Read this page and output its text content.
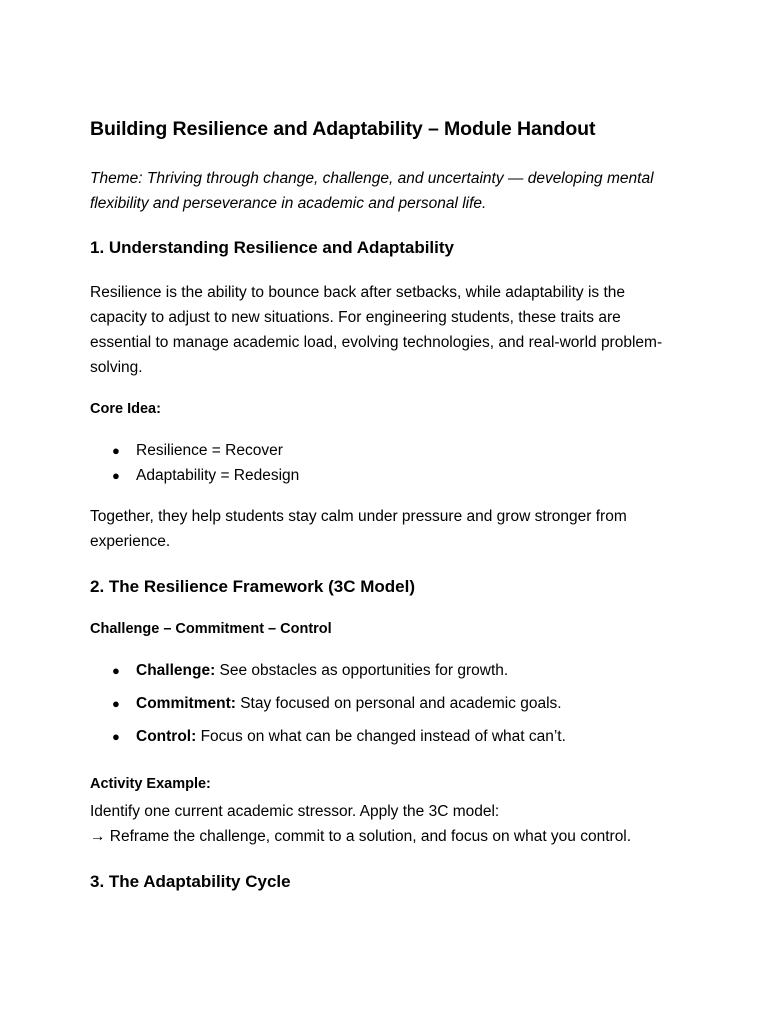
Building Resilience and Adaptability – Module Handout
Theme: Thriving through change, challenge, and uncertainty — developing mental flexibility and perseverance in academic and personal life.
1. Understanding Resilience and Adaptability
Resilience is the ability to bounce back after setbacks, while adaptability is the capacity to adjust to new situations. For engineering students, these traits are essential to manage academic load, evolving technologies, and real-world problem-solving.
Core Idea:
● Resilience = Recover
● Adaptability = Redesign
Together, they help students stay calm under pressure and grow stronger from experience.
2. The Resilience Framework (3C Model)
Challenge – Commitment – Control
● Challenge: See obstacles as opportunities for growth.
● Commitment: Stay focused on personal and academic goals.
● Control: Focus on what can be changed instead of what can’t.
Activity Example:
Identify one current academic stressor. Apply the 3C model:
→ Reframe the challenge, commit to a solution, and focus on what you control.
3. The Adaptability Cycle
